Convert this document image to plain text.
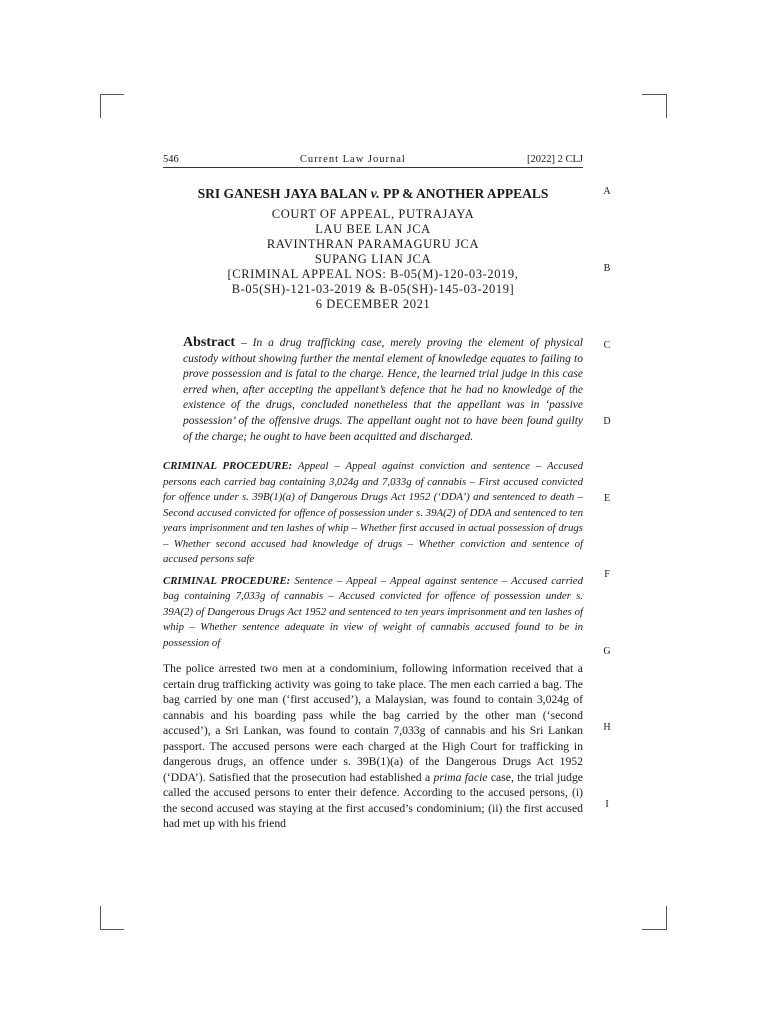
546	Current Law Journal	[2022] 2 CLJ
SRI GANESH JAYA BALAN v. PP & ANOTHER APPEALS
COURT OF APPEAL, PUTRAJAYA
LAU BEE LAN JCA
RAVINTHRAN PARAMAGURU JCA
SUPANG LIAN JCA
[CRIMINAL APPEAL NOS: B-05(M)-120-03-2019,
B-05(SH)-121-03-2019 & B-05(SH)-145-03-2019]
6 DECEMBER 2021
Abstract – In a drug trafficking case, merely proving the element of physical custody without showing further the mental element of knowledge equates to failing to prove possession and is fatal to the charge. Hence, the learned trial judge in this case erred when, after accepting the appellant’s defence that he had no knowledge of the existence of the drugs, concluded nonetheless that the appellant was in ‘passive possession’ of the offensive drugs. The appellant ought not to have been found guilty of the charge; he ought to have been acquitted and discharged.
CRIMINAL PROCEDURE: Appeal – Appeal against conviction and sentence – Accused persons each carried bag containing 3,024g and 7,033g of cannabis – First accused convicted for offence under s. 39B(1)(a) of Dangerous Drugs Act 1952 (‘DDA’) and sentenced to death – Second accused convicted for offence of possession under s. 39A(2) of DDA and sentenced to ten years imprisonment and ten lashes of whip – Whether first accused in actual possession of drugs – Whether second accused had knowledge of drugs – Whether conviction and sentence of accused persons safe
CRIMINAL PROCEDURE: Sentence – Appeal – Appeal against sentence – Accused carried bag containing 7,033g of cannabis – Accused convicted for offence of possession under s. 39A(2) of Dangerous Drugs Act 1952 and sentenced to ten years imprisonment and ten lashes of whip – Whether sentence adequate in view of weight of cannabis accused found to be in possession of
The police arrested two men at a condominium, following information received that a certain drug trafficking activity was going to take place. The men each carried a bag. The bag carried by one man (‘first accused’), a Malaysian, was found to contain 3,024g of cannabis and his boarding pass while the bag carried by the other man (‘second accused’), a Sri Lankan, was found to contain 7,033g of cannabis and his Sri Lankan passport. The accused persons were each charged at the High Court for trafficking in dangerous drugs, an offence under s. 39B(1)(a) of the Dangerous Drugs Act 1952 (‘DDA’). Satisfied that the prosecution had established a prima facie case, the trial judge called the accused persons to enter their defence. According to the accused persons, (i) the second accused was staying at the first accused’s condominium; (ii) the first accused had met up with his friend
A
B
C
D
E
F
G
H
I
